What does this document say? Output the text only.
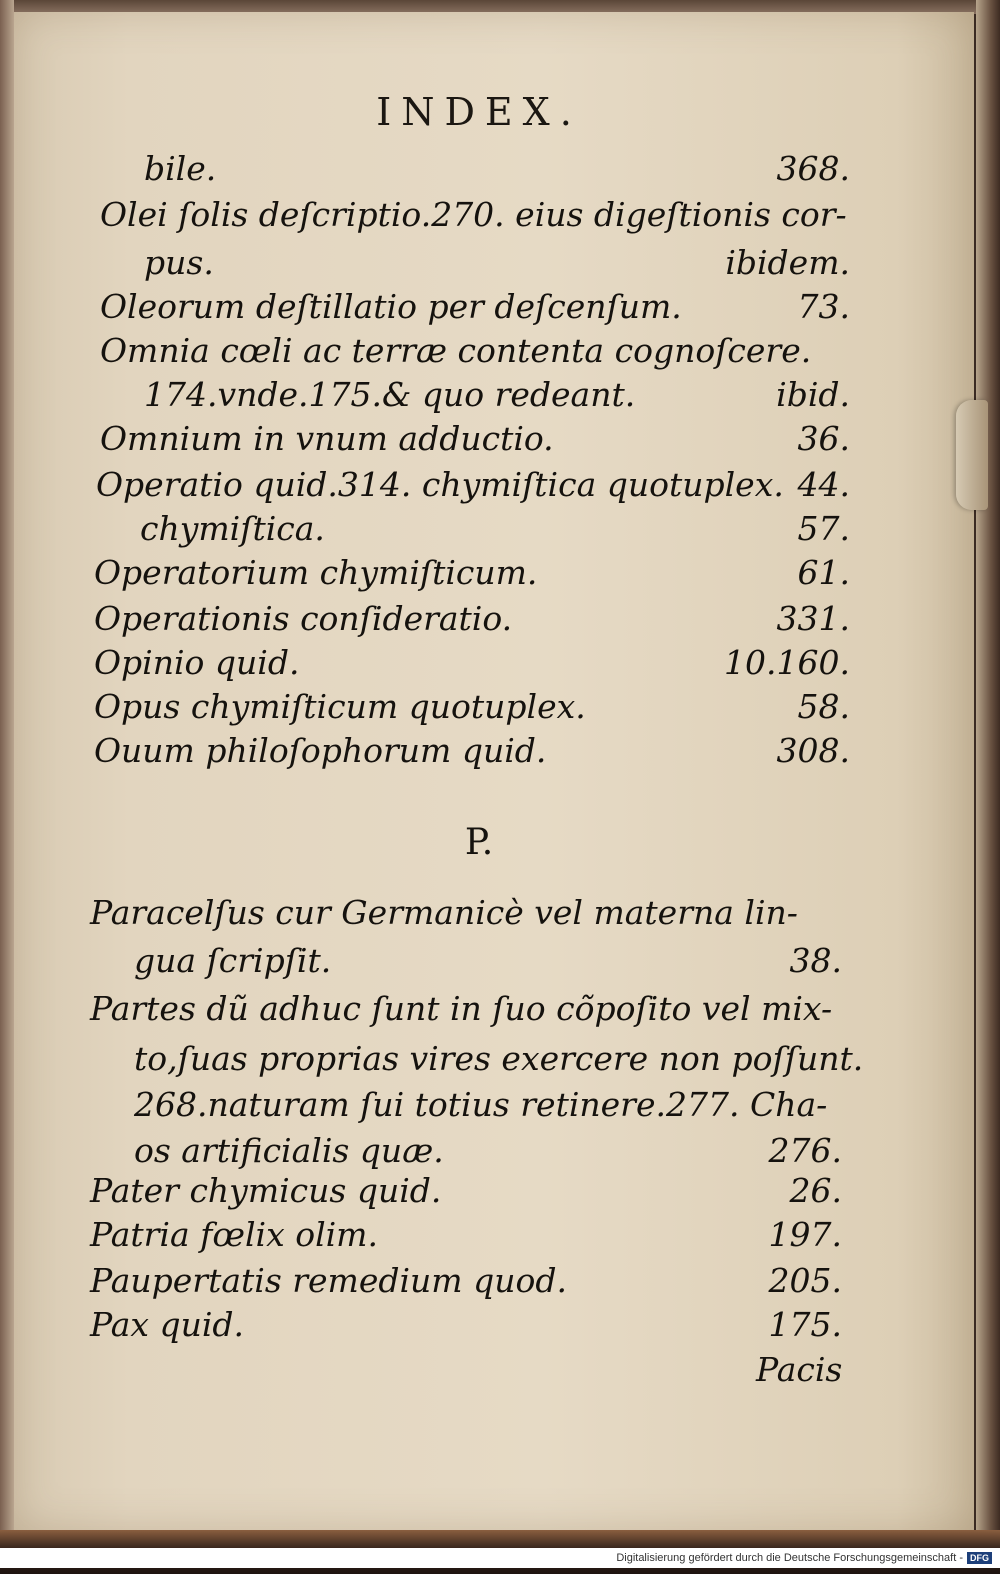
INDEX.
bile.	368.
Olei ſolis deſcriptio.270. eius digeſtionis cor-
pus.	ibidem.
Oleorum deſtillatio per deſcenſum.	73.
Omnia cœli ac terræ contenta cognoſcere.
174.vnde.175.& quo redeant.	ibid.
Omnium in vnum adductio.	36.
Operatio quid.314. chymiſtica quotuplex. 44.
chymiſtica.	57.
Operatorium chymiſticum.	61.
Operationis conſideratio.	331.
Opinio quid.	10.160.
Opus chymiſticum quotuplex.	58.
Ouum philoſophorum quid.	308.
P.
Paracelſus cur Germanicè vel materna lin-
gua ſcripſit.	38.
Partes dũ adhuc ſunt in ſuo cõpoſito vel mix-
to,ſuas proprias vires exercere non poſſunt.
268.naturam ſui totius retinere.277. Cha-
os artificialis quæ.	276.
Pater chymicus quid.	26.
Patria fœlix olim.	197.
Paupertatis remedium quod.	205.
Pax quid.	175.
Pacis
Digitalisierung gefördert durch die Deutsche Forschungsgemeinschaft - DFG
